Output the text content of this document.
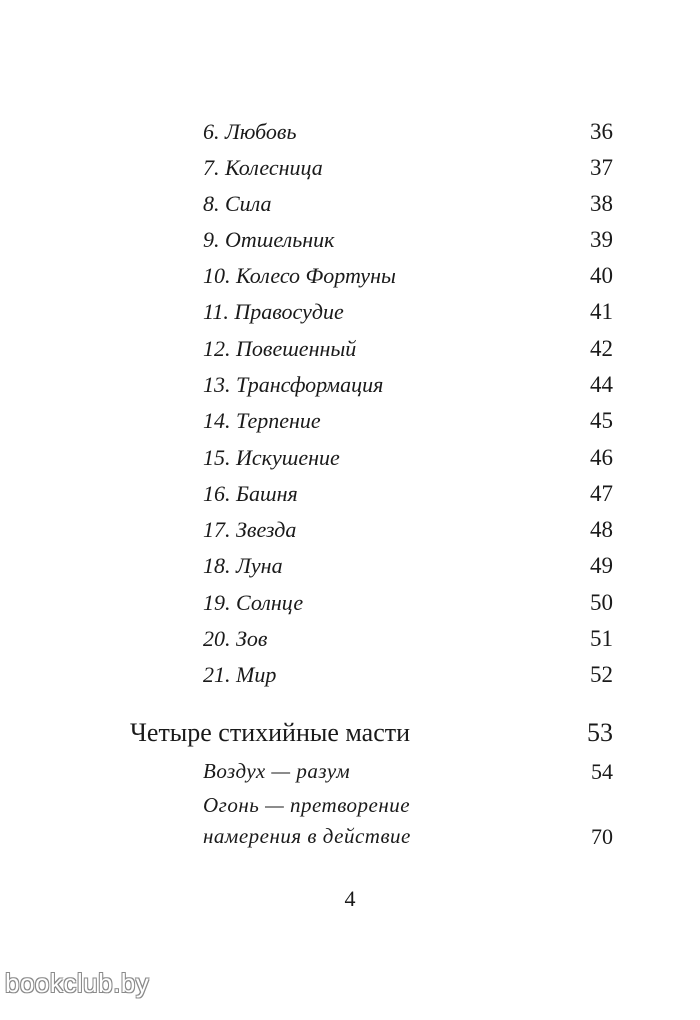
6. Любовь	36
7. Колесница	37
8. Сила	38
9. Отшельник	39
10. Колесо Фортуны	40
11. Правосудие	41
12. Повешенный	42
13. Трансформация	44
14. Терпение	45
15. Искушение	46
16. Башня	47
17. Звезда	48
18. Луна	49
19. Солнце	50
20. Зов	51
21. Мир	52
Четыре стихийные масти	53
Воздух — разум	54
Огонь — претворение
намерения в действие	70
4
bookclub.by
